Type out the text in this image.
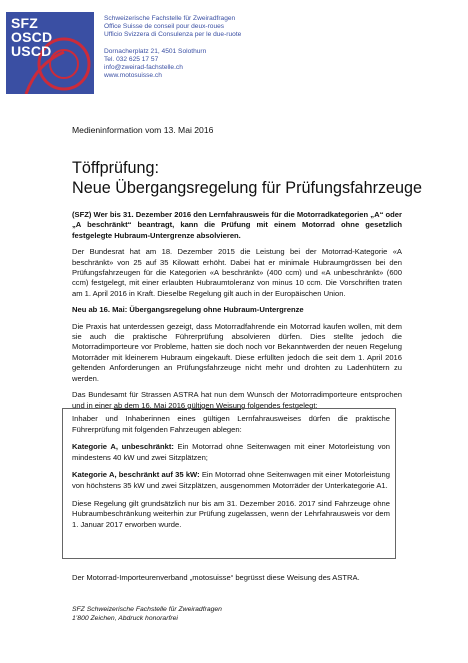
SFZ
OSCD
USCD
Schweizerische Fachstelle für Zweiradfragen
Office Suisse de conseil pour deux-roues
Ufficio Svizzera di Consulenza per le due-ruote
Dornacherplatz 21, 4501 Solothurn
Tel. 032 625 17 57
info@zweirad-fachstelle.ch
www.motosuisse.ch
Medieninformation vom 13. Mai 2016
Töffprüfung:
Neue Übergangsregelung für Prüfungsfahrzeuge

(SFZ) Wer bis 31. Dezember 2016 den Lernfahrausweis für die Motorradkategorien „A“ oder „A beschränkt“ beantragt, kann die Prüfung mit einem Motorrad ohne gesetzlich festgelegte Hubraum-Untergrenze absolvieren.

Der Bundesrat hat am 18. Dezember 2015 die Leistung bei der Motorrad-Kategorie «A beschränkt» von 25 auf 35 Kilowatt erhöht. Dabei hat er minimale Hubraumgrössen bei den Prüfungsfahrzeugen für die Kategorien «A beschränkt» (400 ccm) und «A unbeschränkt» (600 ccm) festgelegt, mit einer erlaubten Hubraumtoleranz von minus 10 ccm. Die Vorschriften traten am 1. April 2016 in Kraft. Dieselbe Regelung gilt auch in der Europäischen Union.

Neu ab 16. Mai: Übergangsregelung ohne Hubraum-Untergrenze

Die Praxis hat unterdessen gezeigt, dass Motorradfahrende ein Motorrad kaufen wollen, mit dem sie auch die praktische Führerprüfung absolvieren dürfen. Dies stellte jedoch die Motorradimporteure vor Probleme, hatten sie doch noch vor Bekanntwerden der neuen Regelung Motorräder mit kleinerem Hubraum eingekauft. Diese erfüllten jedoch die seit dem 1. April 2016 geltenden Anforderungen an Prüfungsfahrzeuge nicht mehr und drohten zu Ladenhütern zu werden.

Das Bundesamt für Strassen ASTRA hat nun dem Wunsch der Motorradimporteure entsprochen und in einer ab dem 16. Mai 2016 gültigen Weisung folgendes festgelegt:

Inhaber und Inhaberinnen eines gültigen Lernfahrausweises dürfen die praktische Führerprüfung mit folgenden Fahrzeugen ablegen:

Kategorie A, unbeschränkt: Ein Motorrad ohne Seitenwagen mit einer Motorleistung von mindestens 40 kW und zwei Sitzplätzen;

Kategorie A, beschränkt auf 35 kW: Ein Motorrad ohne Seitenwagen mit einer Motorleistung von höchstens 35 kW und zwei Sitzplätzen, ausgenommen Motorräder der Unterkategorie A1.

Diese Regelung gilt grundsätzlich nur bis am 31. Dezember 2016. 2017 sind Fahrzeuge ohne Hubraumbeschränkung weiterhin zur Prüfung zugelassen, wenn der Lehrfahrausweis vor dem 1. Januar 2017 erworben wurde.

Der Motorrad-Importeurenverband „motosuisse“ begrüsst diese Weisung des ASTRA.
SFZ Schweizerische Fachstelle für Zweiradfragen
1’800 Zeichen, Abdruck honorarfrei
